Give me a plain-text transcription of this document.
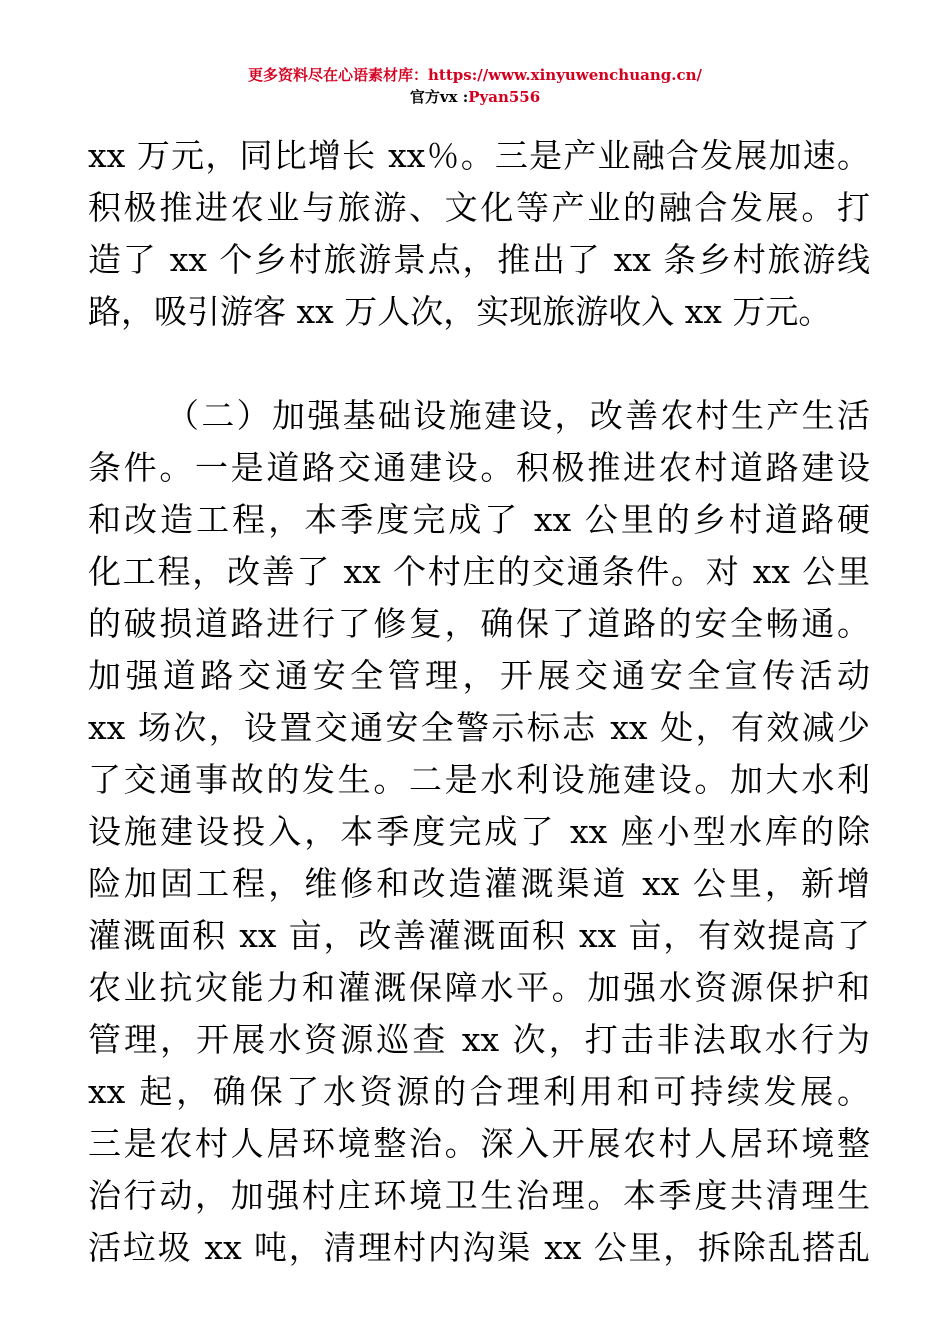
更多资料尽在心语素材库：https://www.xinyuwenchuang.cn/
官方vx :Pyan556
xx 万元，同比增长 xx％。三是产业融合发展加速。
积极推进农业与旅游、文化等产业的融合发展。打
造了 xx 个乡村旅游景点，推出了 xx 条乡村旅游线
路，吸引游客 xx 万人次，实现旅游收入 xx 万元。
（二）加强基础设施建设，改善农村生产生活
条件。一是道路交通建设。积极推进农村道路建设
和改造工程，本季度完成了 xx 公里的乡村道路硬
化工程，改善了 xx 个村庄的交通条件。对 xx 公里
的破损道路进行了修复，确保了道路的安全畅通。
加强道路交通安全管理，开展交通安全宣传活动
xx 场次，设置交通安全警示标志 xx 处，有效减少
了交通事故的发生。二是水利设施建设。加大水利
设施建设投入，本季度完成了 xx 座小型水库的除
险加固工程，维修和改造灌溉渠道 xx 公里，新增
灌溉面积 xx 亩，改善灌溉面积 xx 亩，有效提高了
农业抗灾能力和灌溉保障水平。加强水资源保护和
管理，开展水资源巡查 xx 次，打击非法取水行为
xx 起，确保了水资源的合理利用和可持续发展。
三是农村人居环境整治。深入开展农村人居环境整
治行动，加强村庄环境卫生治理。本季度共清理生
活垃圾 xx 吨，清理村内沟渠 xx 公里，拆除乱搭乱
